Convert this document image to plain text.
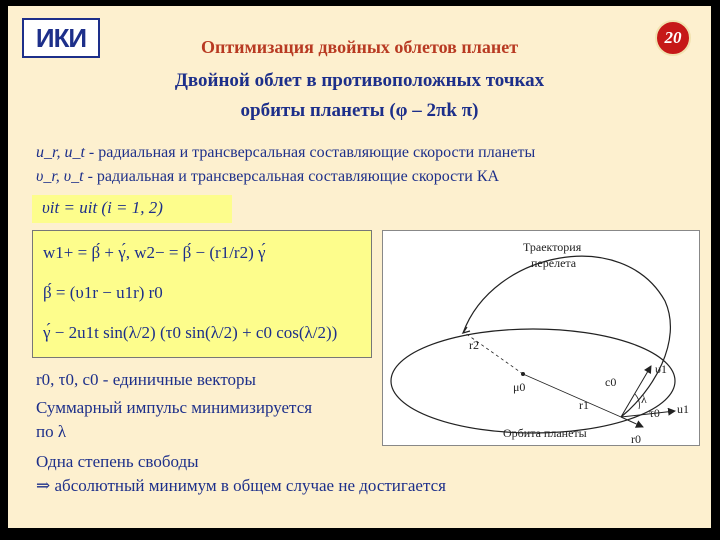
ИКИ	20
Оптимизация двойных облетов планет
Двойной облет в противоположных точках
орбиты планеты (φ – 2πk π)
u_r, u_t - радиальная и трансверсальная составляющие скорости планеты
υ_r, υ_t - радиальная и трансверсальная составляющие скорости КА
υit = uit (i = 1, 2)
w1+ = β́ + γ́, w2− = β́ − (r1/r2) γ́
β́ = (υ1r − u1r) r0
γ́ − 2u1t sin(λ/2) (τ0 sin(λ/2) + c0 cos(λ/2))
r0, τ0, c0 - единичные векторы
Суммарный импульс минимизируется
по λ
Одна степень свободы
⇒ абсолютный минимум в общем случае не достигается
Траектория
перелета
Орбита планеты
μ0
r2
r1
c0
υ1
λ
τ0 u1
r0
